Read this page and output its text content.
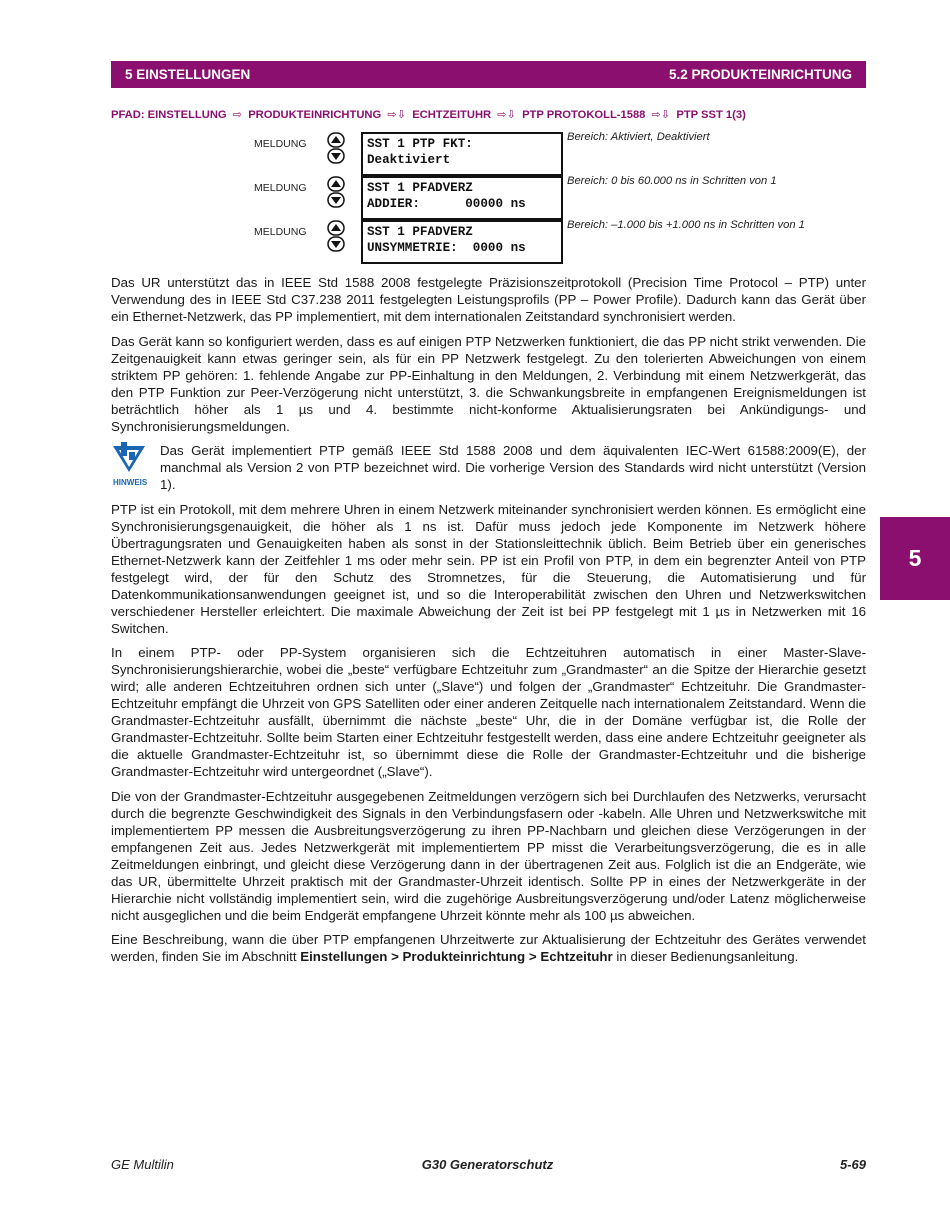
5 EINSTELLUNGEN	5.2 PRODUKTEINRICHTUNG
PFAD: EINSTELLUNG ⇨ PRODUKTEINRICHTUNG ⇨⇩ ECHTZEITUHR ⇨⇩ PTP PROTOKOLL-1588 ⇨⇩ PTP SST 1(3)
MELDUNG	SST 1 PTP FKT:
Deaktiviert
Bereich: Aktiviert, Deaktiviert
MELDUNG	SST 1 PFADVERZ
ADDIER:      00000 ns
Bereich: 0 bis 60.000 ns in Schritten von 1
MELDUNG	SST 1 PFADVERZ
UNSYMMETRIE:  0000 ns
Bereich: –1.000 bis +1.000 ns in Schritten von 1

Das UR unterstützt das in IEEE Std 1588 2008 festgelegte Präzisionszeitprotokoll (Precision Time Protocol – PTP) unter Verwendung des in IEEE Std C37.238 2011 festgelegten Leistungsprofils (PP – Power Profile). Dadurch kann das Gerät über ein Ethernet-Netzwerk, das PP implementiert, mit dem internationalen Zeitstandard synchronisiert werden.

Das Gerät kann so konfiguriert werden, dass es auf einigen PTP Netzwerken funktioniert, die das PP nicht strikt verwenden. Die Zeitgenauigkeit kann etwas geringer sein, als für ein PP Netzwerk festgelegt. Zu den tolerierten Abweichungen von einem striktem PP gehören: 1. fehlende Angabe zur PP-Einhaltung in den Meldungen, 2. Verbindung mit einem Netzwerkgerät, das den PTP Funktion zur Peer-Verzögerung nicht unterstützt, 3. die Schwankungsbreite in empfangenen Ereignismeldungen ist beträchtlich höher als 1 µs und 4. bestimmte nicht-konforme Aktualisierungsraten bei Ankündigungs- und Synchronisierungsmeldungen.

HINWEIS
Das Gerät implementiert PTP gemäß IEEE Std 1588 2008 und dem äquivalenten IEC-Wert 61588:2009(E), der manchmal als Version 2 von PTP bezeichnet wird. Die vorherige Version des Standards wird nicht unterstützt (Version 1).

PTP ist ein Protokoll, mit dem mehrere Uhren in einem Netzwerk miteinander synchronisiert werden können. Es ermöglicht eine Synchronisierungsgenauigkeit, die höher als 1 ns ist. Dafür muss jedoch jede Komponente im Netzwerk höhere Übertragungsraten und Genauigkeiten haben als sonst in der Stationsleittechnik üblich. Beim Betrieb über ein generisches Ethernet-Netzwerk kann der Zeitfehler 1 ms oder mehr sein. PP ist ein Profil von PTP, in dem ein begrenzter Anteil von PTP festgelegt wird, der für den Schutz des Stromnetzes, für die Steuerung, die Automatisierung und für Datenkommunikationsanwendungen geeignet ist, und so die Interoperabilität zwischen den Uhren und Netzwerkswitchen verschiedener Hersteller erleichtert. Die maximale Abweichung der Zeit ist bei PP festgelegt mit 1 µs in Netzwerken mit 16 Switchen.

In einem PTP- oder PP-System organisieren sich die Echtzeituhren automatisch in einer Master-Slave-Synchronisierungshierarchie, wobei die „beste“ verfügbare Echtzeituhr zum „Grandmaster“ an die Spitze der Hierarchie gesetzt wird; alle anderen Echtzeituhren ordnen sich unter („Slave“) und folgen der „Grandmaster“ Echtzeituhr. Die Grandmaster-Echtzeituhr empfängt die Uhrzeit von GPS Satelliten oder einer anderen Zeitquelle nach internationalem Zeitstandard. Wenn die Grandmaster-Echtzeituhr ausfällt, übernimmt die nächste „beste“ Uhr, die in der Domäne verfügbar ist, die Rolle der Grandmaster-Echtzeituhr. Sollte beim Starten einer Echtzeituhr festgestellt werden, dass eine andere Echtzeituhr geeigneter als die aktuelle Grandmaster-Echtzeituhr ist, so übernimmt diese die Rolle der Grandmaster-Echtzeituhr und die bisherige Grandmaster-Echtzeituhr wird untergeordnet („Slave“).

Die von der Grandmaster-Echtzeituhr ausgegebenen Zeitmeldungen verzögern sich bei Durchlaufen des Netzwerks, verursacht durch die begrenzte Geschwindigkeit des Signals in den Verbindungsfasern oder -kabeln. Alle Uhren und Netzwerkswitche mit implementiertem PP messen die Ausbreitungsverzögerung zu ihren PP-Nachbarn und gleichen diese Verzögerungen in der empfangenen Zeit aus. Jedes Netzwerkgerät mit implementiertem PP misst die Verarbeitungsverzögerung, die es in alle Zeitmeldungen einbringt, und gleicht diese Verzögerung dann in der übertragenen Zeit aus. Folglich ist die an Endgeräte, wie das UR, übermittelte Uhrzeit praktisch mit der Grandmaster-Uhrzeit identisch. Sollte PP in eines der Netzwerkgeräte in der Hierarchie nicht vollständig implementiert sein, wird die zugehörige Ausbreitungsverzögerung und/oder Latenz möglicherweise nicht ausgeglichen und die beim Endgerät empfangene Uhrzeit könnte mehr als 100 µs abweichen.

Eine Beschreibung, wann die über PTP empfangenen Uhrzeitwerte zur Aktualisierung der Echtzeituhr des Gerätes verwendet werden, finden Sie im Abschnitt Einstellungen > Produkteinrichtung > Echtzeituhr in dieser Bedienungsanleitung.

5
GE Multilin	G30 Generatorschutz	5-69
